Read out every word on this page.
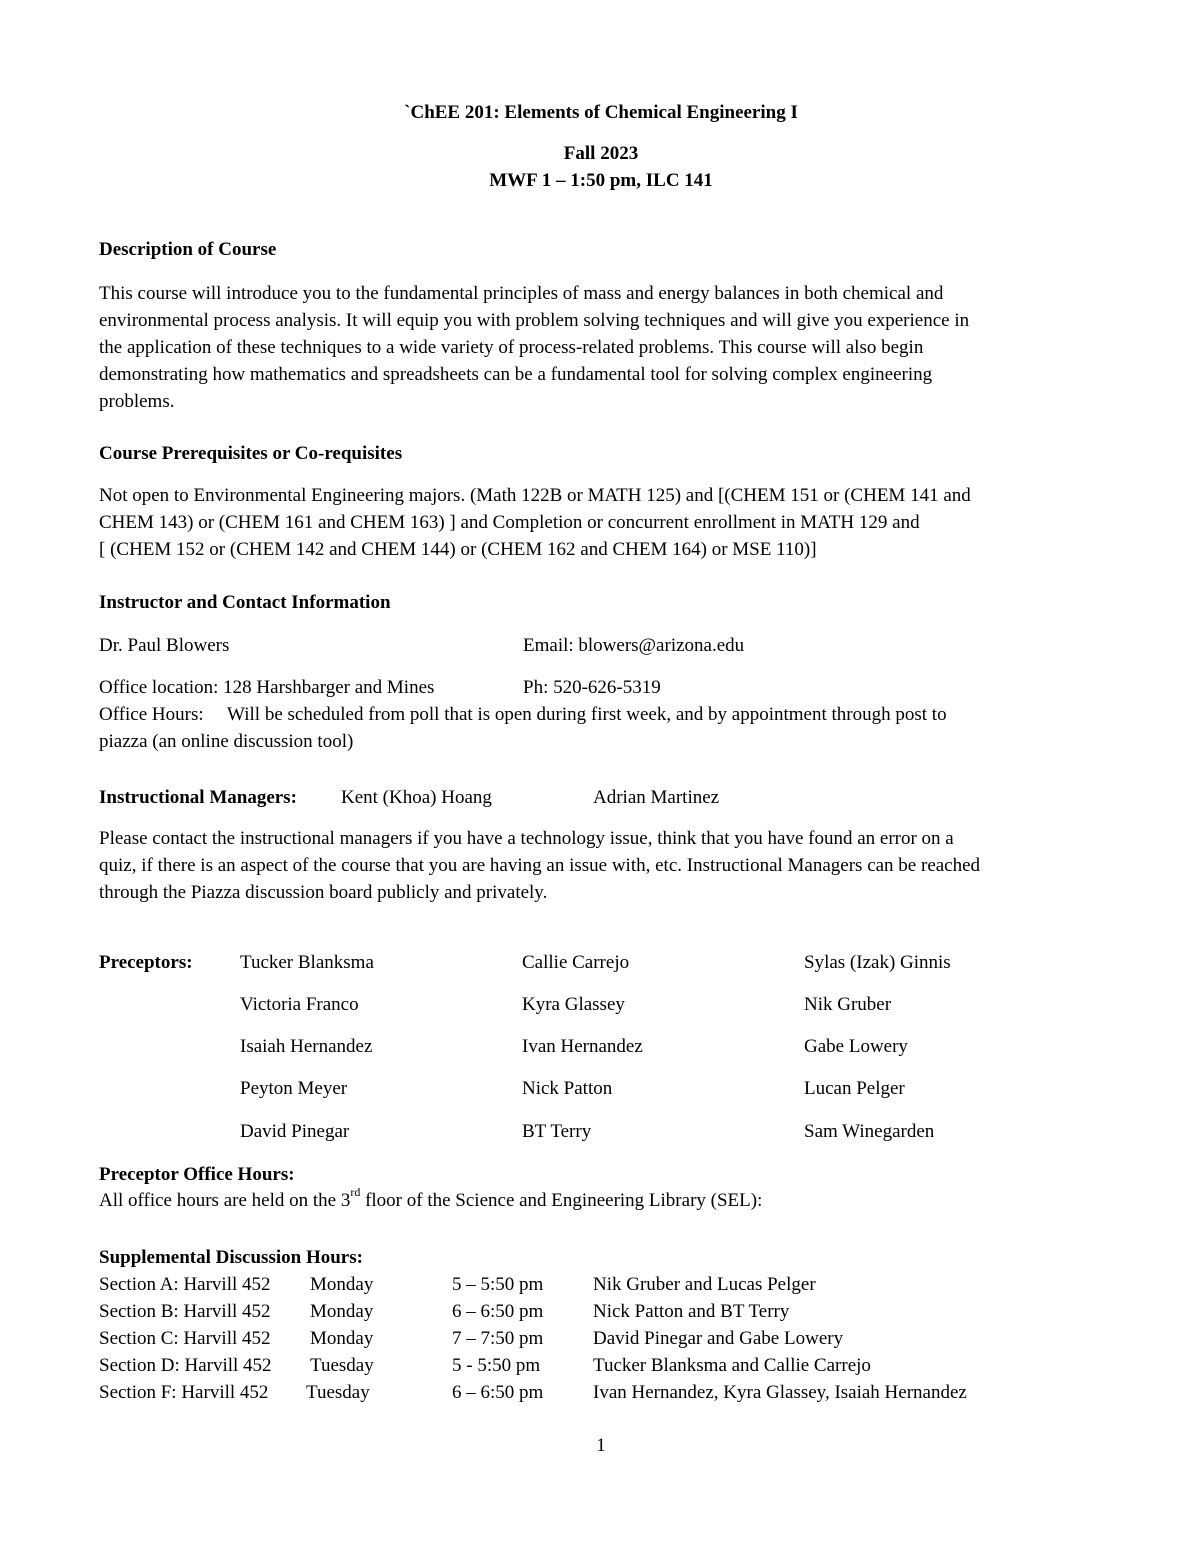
`ChEE 201: Elements of Chemical Engineering I
Fall 2023
MWF 1 – 1:50 pm, ILC 141
Description of Course
This course will introduce you to the fundamental principles of mass and energy balances in both chemical and
environmental process analysis. It will equip you with problem solving techniques and will give you experience in
the application of these techniques to a wide variety of process-related problems. This course will also begin
demonstrating how mathematics and spreadsheets can be a fundamental tool for solving complex engineering
problems.
Course Prerequisites or Co-requisites
Not open to Environmental Engineering majors. (Math 122B or MATH 125) and [(CHEM 151 or (CHEM 141 and
CHEM 143) or (CHEM 161 and CHEM 163) ] and Completion or concurrent enrollment in MATH 129 and
[ (CHEM 152 or (CHEM 142 and CHEM 144) or (CHEM 162 and CHEM 164) or MSE 110)]
Instructor and Contact Information
Dr. Paul Blowers	Email: blowers@arizona.edu
Office location: 128 Harshbarger and Mines	Ph: 520-626-5319
Office Hours:     Will be scheduled from poll that is open during first week, and by appointment through post to
piazza (an online discussion tool)
Instructional Managers: Kent (Khoa) Hoang	Adrian Martinez
Please contact the instructional managers if you have a technology issue, think that you have found an error on a
quiz, if there is an aspect of the course that you are having an issue with, etc. Instructional Managers can be reached
through the Piazza discussion board publicly and privately.
Preceptors: Tucker Blanksma	Callie Carrejo	Sylas (Izak) Ginnis
Victoria Franco	Kyra Glassey	Nik Gruber
Isaiah Hernandez	Ivan Hernandez	Gabe Lowery
Peyton Meyer	Nick Patton	Lucan Pelger
David Pinegar	BT Terry	Sam Winegarden
Preceptor Office Hours:
All office hours are held on the 3rd floor of the Science and Engineering Library (SEL):
Supplemental Discussion Hours:
Section A: Harvill 452 Monday	5 – 5:50 pm	Nik Gruber and Lucas Pelger
Section B: Harvill 452 Monday	6 – 6:50 pm	Nick Patton and BT Terry
Section C: Harvill 452 Monday	7 – 7:50 pm	David Pinegar and Gabe Lowery
Section D: Harvill 452 Tuesday	5 - 5:50 pm	Tucker Blanksma and Callie Carrejo
Section F: Harvill 452 Tuesday	6 – 6:50 pm	Ivan Hernandez, Kyra Glassey, Isaiah Hernandez
1
